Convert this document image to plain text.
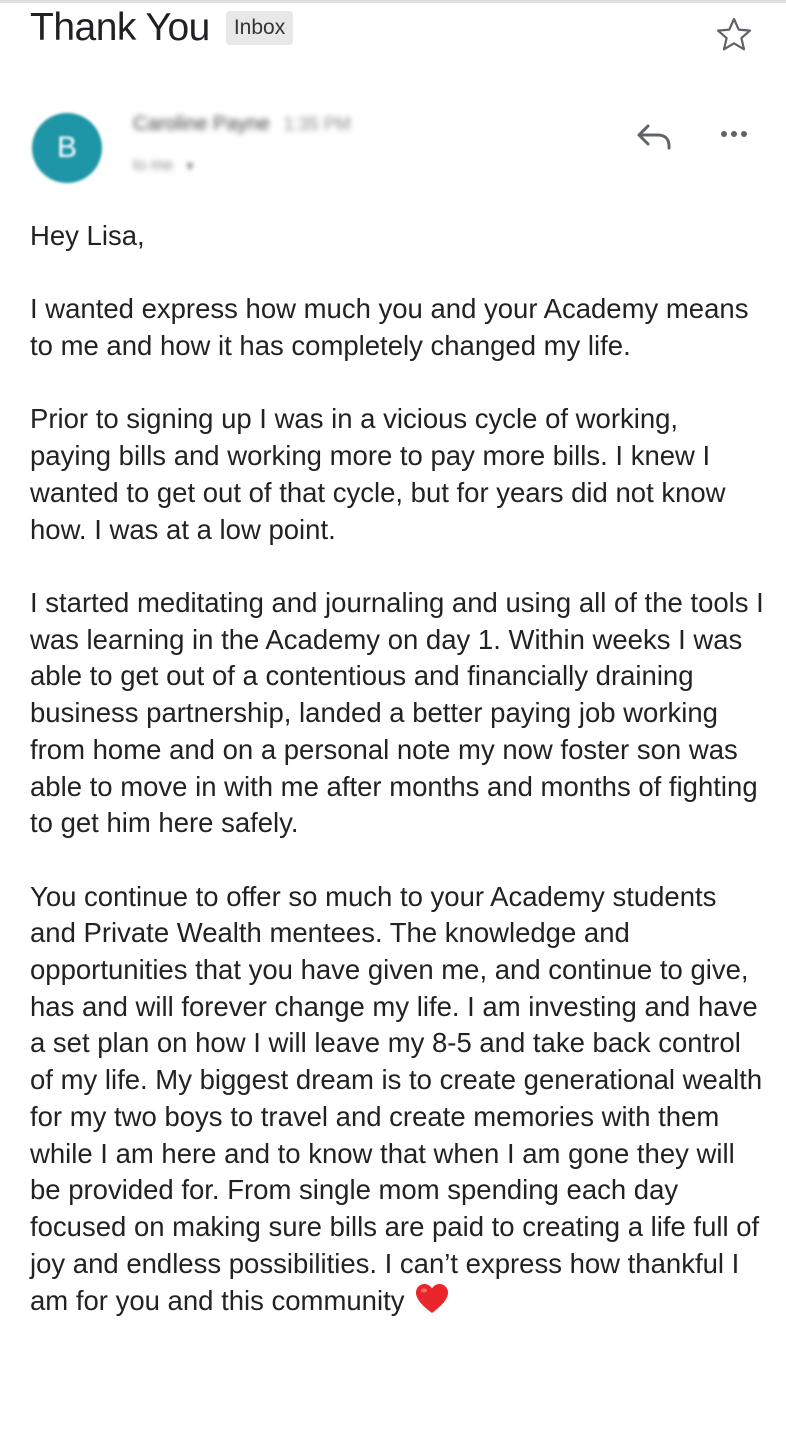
Thank You	Inbox
B
Caroline Payne 1:35 PM
to me ▼

Hey Lisa,

I wanted express how much you and your Academy means to me and how it has completely changed my life.

Prior to signing up I was in a vicious cycle of working, paying bills and working more to pay more bills. I knew I wanted to get out of that cycle, but for years did not know how. I was at a low point.

I started meditating and journaling and using all of the tools I was learning in the Academy on day 1. Within weeks I was able to get out of a contentious and financially draining business partnership, landed a better paying job working from home and on a personal note my now foster son was able to move in with me after months and months of fighting to get him here safely.

You continue to offer so much to your Academy students and Private Wealth mentees. The knowledge and opportunities that you have given me, and continue to give, has and will forever change my life. I am investing and have a set plan on how I will leave my 8-5 and take back control of my life. My biggest dream is to create generational wealth for my two boys to travel and create memories with them while I am here and to know that when I am gone they will be provided for. From single mom spending each day focused on making sure bills are paid to creating a life full of joy and endless possibilities. I can’t express how thankful I am for you and this community
